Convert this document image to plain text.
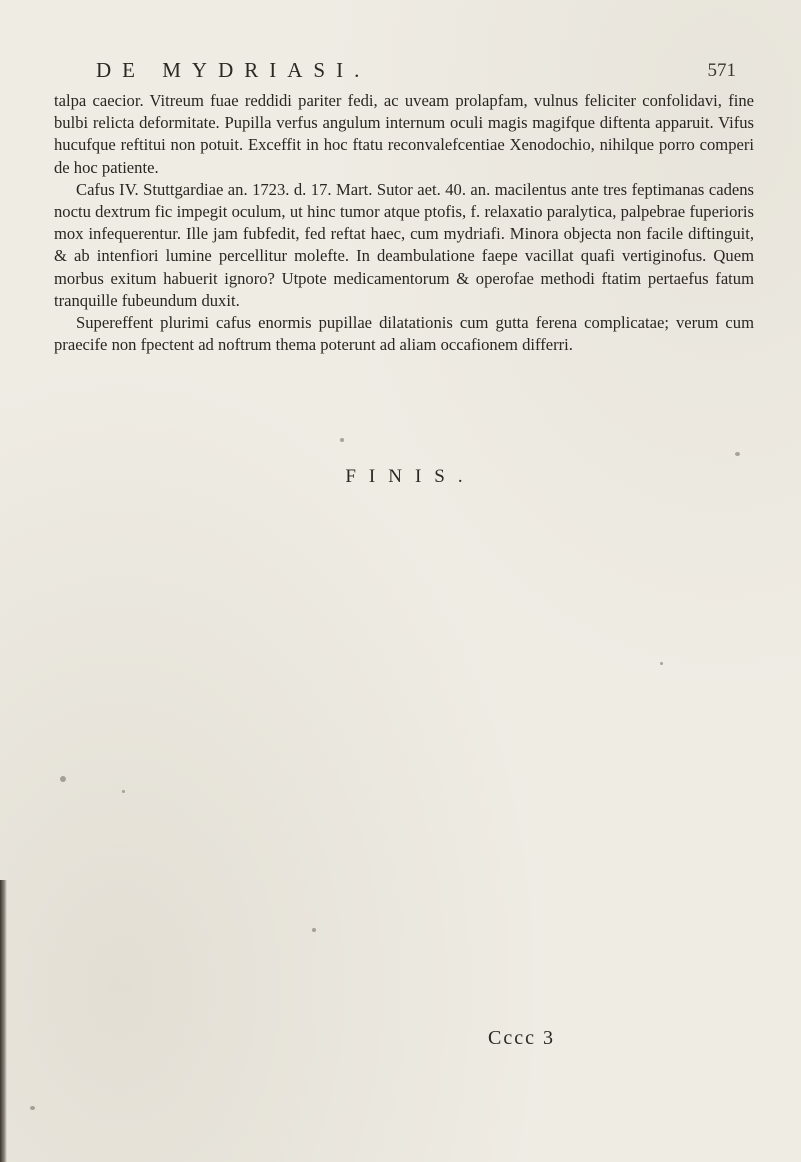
DE MYDRIASI.	571

talpa caecior. Vitreum fuae reddidi pariter fedi, ac uveam prolapfam, vulnus feliciter confolidavi, fine bulbi relicta deformitate. Pupilla verfus angulum internum oculi magis magifque diftenta apparuit. Vifus hucufque reftitui non potuit. Exceffit in hoc ftatu reconvalefcentiae Xenodochio, nihilque porro comperi de hoc patiente.

Cafus IV. Stuttgardiae an. 1723. d. 17. Mart. Sutor aet. 40. an. macilentus ante tres feptimanas cadens noctu dextrum fic impegit oculum, ut hinc tumor atque ptofis, f. relaxatio paralytica, palpebrae fuperioris mox infequerentur. Ille jam fubfedit, fed reftat haec, cum mydriafi. Minora objecta non facile diftinguit, & ab intenfiori lumine percellitur molefte. In deambulatione faepe vacillat quafi vertiginofus. Quem morbus exitum habuerit ignoro? Utpote medicamentorum & operofae methodi ftatim pertaefus fatum tranquille fubeundum duxit.

Supereffent plurimi cafus enormis pupillae dilatationis cum gutta ferena complicatae; verum cum praecife non fpectent ad noftrum thema poterunt ad aliam occafionem differri.

FINIS.
Cccc 3
